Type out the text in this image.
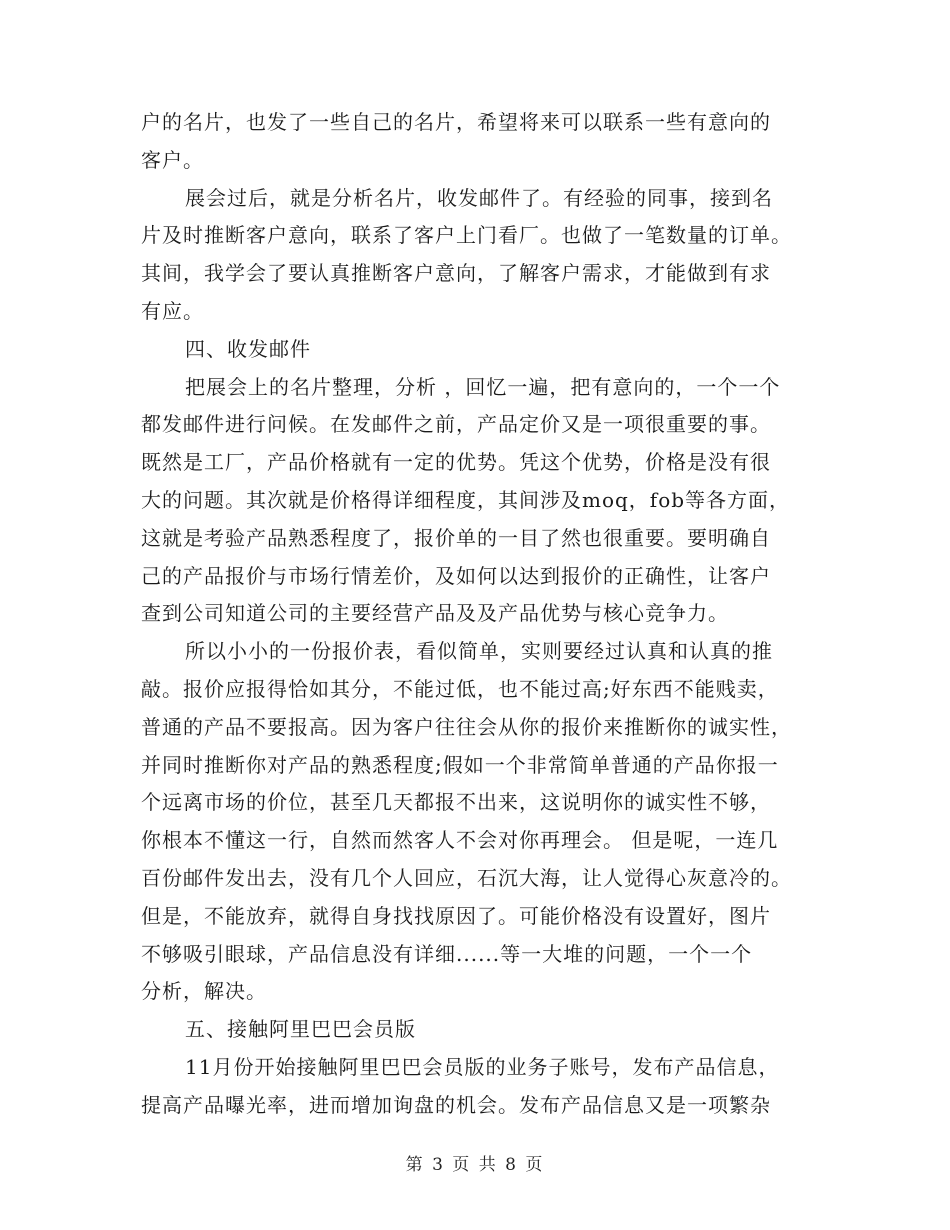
户的名片，也发了一些自己的名片，希望将来可以联系一些有意向的
客户。
展会过后，就是分析名片，收发邮件了。有经验的同事，接到名
片及时推断客户意向，联系了客户上门看厂。也做了一笔数量的订单。
其间，我学会了要认真推断客户意向，了解客户需求，才能做到有求
有应。
四、收发邮件
把展会上的名片整理，分析 ，回忆一遍，把有意向的，一个一个
都发邮件进行问候。在发邮件之前，产品定价又是一项很重要的事。
既然是工厂，产品价格就有一定的优势。凭这个优势，价格是没有很
大的问题。其次就是价格得详细程度，其间涉及moq，fob等各方面，
这就是考验产品熟悉程度了，报价单的一目了然也很重要。要明确自
己的产品报价与市场行情差价，及如何以达到报价的正确性，让客户
查到公司知道公司的主要经营产品及及产品优势与核心竞争力。
所以小小的一份报价表，看似简单，实则要经过认真和认真的推
敲。报价应报得恰如其分，不能过低，也不能过高;好东西不能贱卖，
普通的产品不要报高。因为客户往往会从你的报价来推断你的诚实性，
并同时推断你对产品的熟悉程度;假如一个非常简单普通的产品你报一
个远离市场的价位，甚至几天都报不出来，这说明你的诚实性不够，
你根本不懂这一行，自然而然客人不会对你再理会。 但是呢，一连几
百份邮件发出去，没有几个人回应，石沉大海，让人觉得心灰意冷的。
但是，不能放弃，就得自身找找原因了。可能价格没有设置好，图片
不够吸引眼球，产品信息没有详细......等一大堆的问题，一个一个
分析，解决。
五、接触阿里巴巴会员版
11月份开始接触阿里巴巴会员版的业务子账号，发布产品信息，
提高产品曝光率，进而增加询盘的机会。发布产品信息又是一项繁杂
第 3 页 共 8 页
